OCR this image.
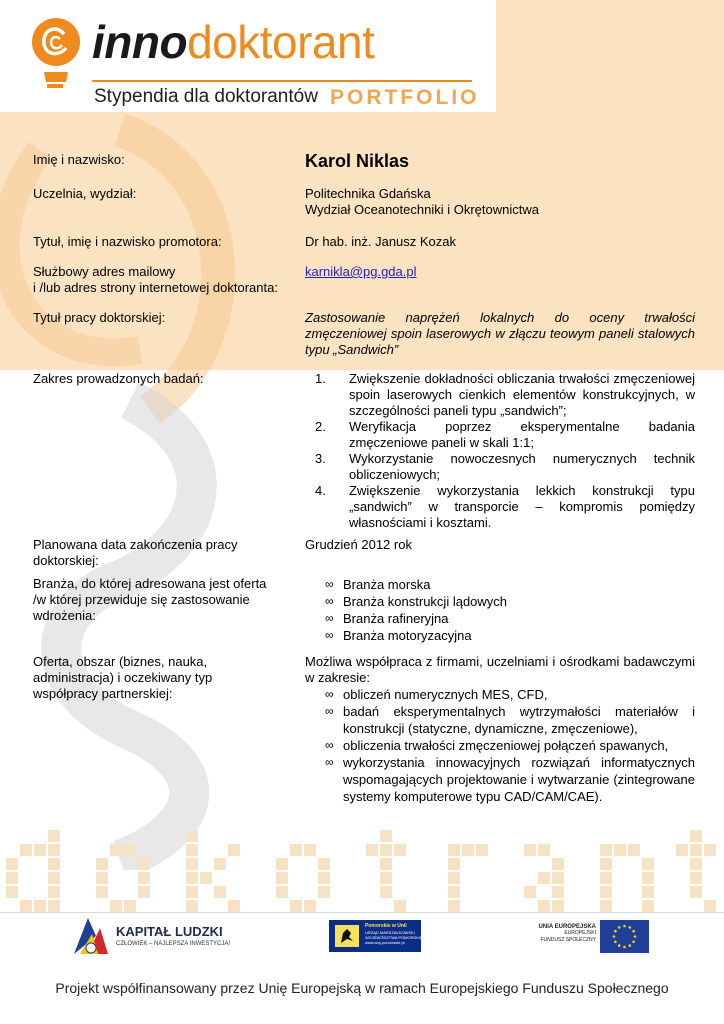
innodoktorant
Stypendia dla doktorantów PORTFOLIO
Imię i nazwisko:	Karol Niklas
Uczelnia, wydział:	Politechnika Gdańska
Wydział Oceanotechniki i Okrętownictwa
Tytuł, imię i nazwisko promotora:	Dr hab. inż. Janusz Kozak
Służbowy adres mailowy
i /lub adres strony internetowej doktoranta:
karnikla@pg.gda.pl
Tytuł pracy doktorskiej:	Zastosowanie naprężeń lokalnych do oceny trwałości zmęczeniowej spoin laserowych w złączu teowym paneli stalowych typu „Sandwich”
Zakres prowadzonych badań:	1. Zwiększenie dokładności obliczania trwałości zmęczeniowej spoin laserowych cienkich elementów konstrukcyjnych, w szczególności paneli typu „sandwich”;
2. Weryfikacja poprzez eksperymentalne badania zmęczeniowe paneli w skali 1:1;
3. Wykorzystanie nowoczesnych numerycznych technik obliczeniowych;
4. Zwiększenie wykorzystania lekkich konstrukcji typu „sandwich” w transporcie – kompromis pomiędzy własnościami i kosztami.
Planowana data zakończenia pracy doktorskiej:
Grudzień 2012 rok
Branża, do której adresowana jest oferta /w której przewiduje się zastosowanie wdrożenia:
∞ Branża morska
∞ Branża konstrukcji lądowych
∞ Branża rafineryjna
∞ Branża motoryzacyjna
Oferta, obszar (biznes, nauka, administracja) i oczekiwany typ współpracy partnerskiej:
Możliwa współpraca z firmami, uczelniami i ośrodkami badawczymi w zakresie:
∞ obliczeń numerycznych MES, CFD,
∞ badań eksperymentalnych wytrzymałości materiałów i konstrukcji (statyczne, dynamiczne, zmęczeniowe),
∞ obliczenia trwałości zmęczeniowej połączeń spawanych,
∞ wykorzystania innowacyjnych rozwiązań informatycznych wspomagających projektowanie i wytwarzanie (zintegrowane systemy komputerowe typu CAD/CAM/CAE).
KAPITAŁ LUDZKI
CZŁOWIEK – NAJLEPSZA INWESTYCJA!
Pomorskie w Unii
URZĄD MARSZAŁKOWSKI
WOJEWÓDZTWA POMORSKIEGO
www.woj-pomorskie.pl
UNIA EUROPEJSKA
EUROPEJSKI
FUNDUSZ SPOŁECZNY
Projekt współfinansowany przez Unię Europejską w ramach Europejskiego Funduszu Społecznego
